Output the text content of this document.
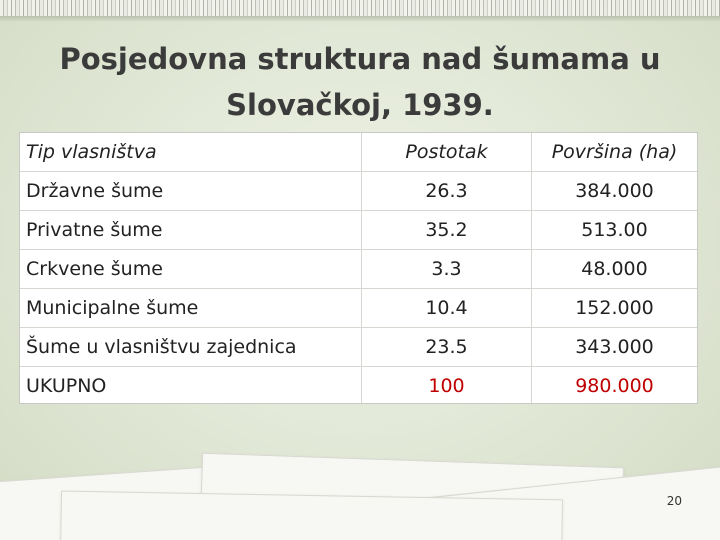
Posjedovna struktura nad šumama u Slovačkoj, 1939.
Tip vlasništva	Postotak	Površina (ha)
Državne šume	26.3	384.000
Privatne šume	35.2	513.00
Crkvene šume	3.3	48.000
Municipalne šume	10.4	152.000
Šume u vlasništvu zajednica	23.5	343.000
UKUPNO	100	980.000
20
